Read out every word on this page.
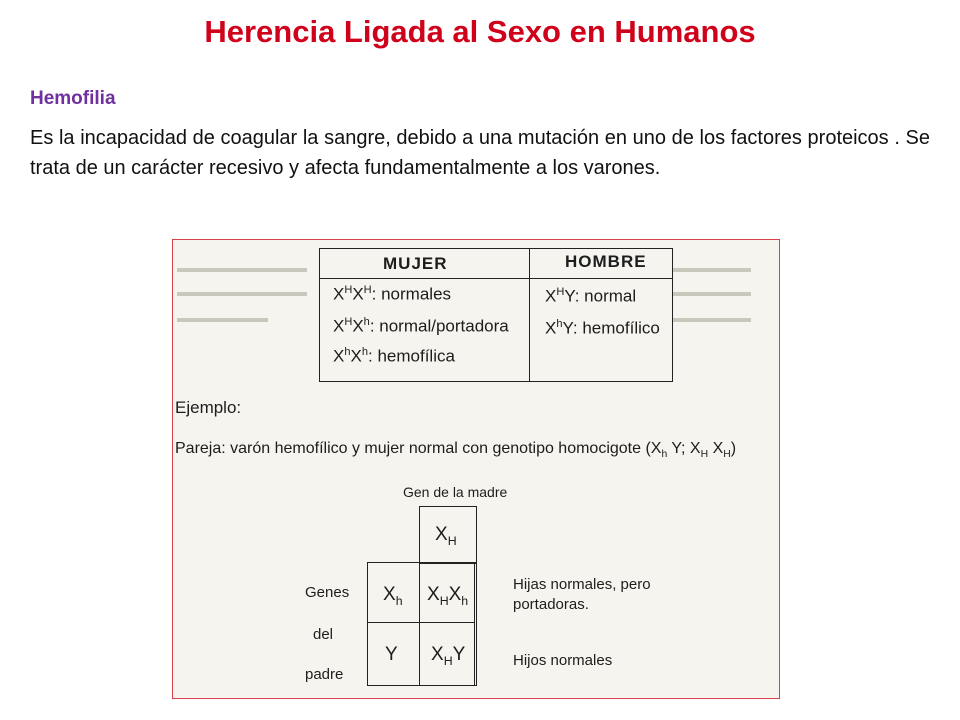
Herencia Ligada al Sexo en Humanos
Hemofilia
Es la incapacidad de coagular la sangre, debido a una mutación en uno de los factores proteicos . Se trata de un carácter recesivo y afecta fundamentalmente a los varones.
▬▬▬▬▬▬▬▬▬▬
▬▬▬▬▬▬▬▬▬▬
▬▬▬▬▬▬▬
▬▬▬▬▬▬
▬▬▬▬▬▬
▬▬▬▬▬▬
MUJER	HOMBRE
$X^HX^H$: normales
$X^HX^h$: normal/portadora
$X^hX^h$: hemofílica
$X^HY$: normal
$X^hY$: hemofílico
Ejemplo:
Pareja: varón hemofílico y mujer normal con genotipo homocigote ($X_h$ Y; $X_H$ $X_H$)
Gen de la madre
$X_H$
$X_h$
Y
$X_HX_h$
$X_HY$
Genes
del
padre
Hijas normales, pero
portadoras.
Hijos normales
